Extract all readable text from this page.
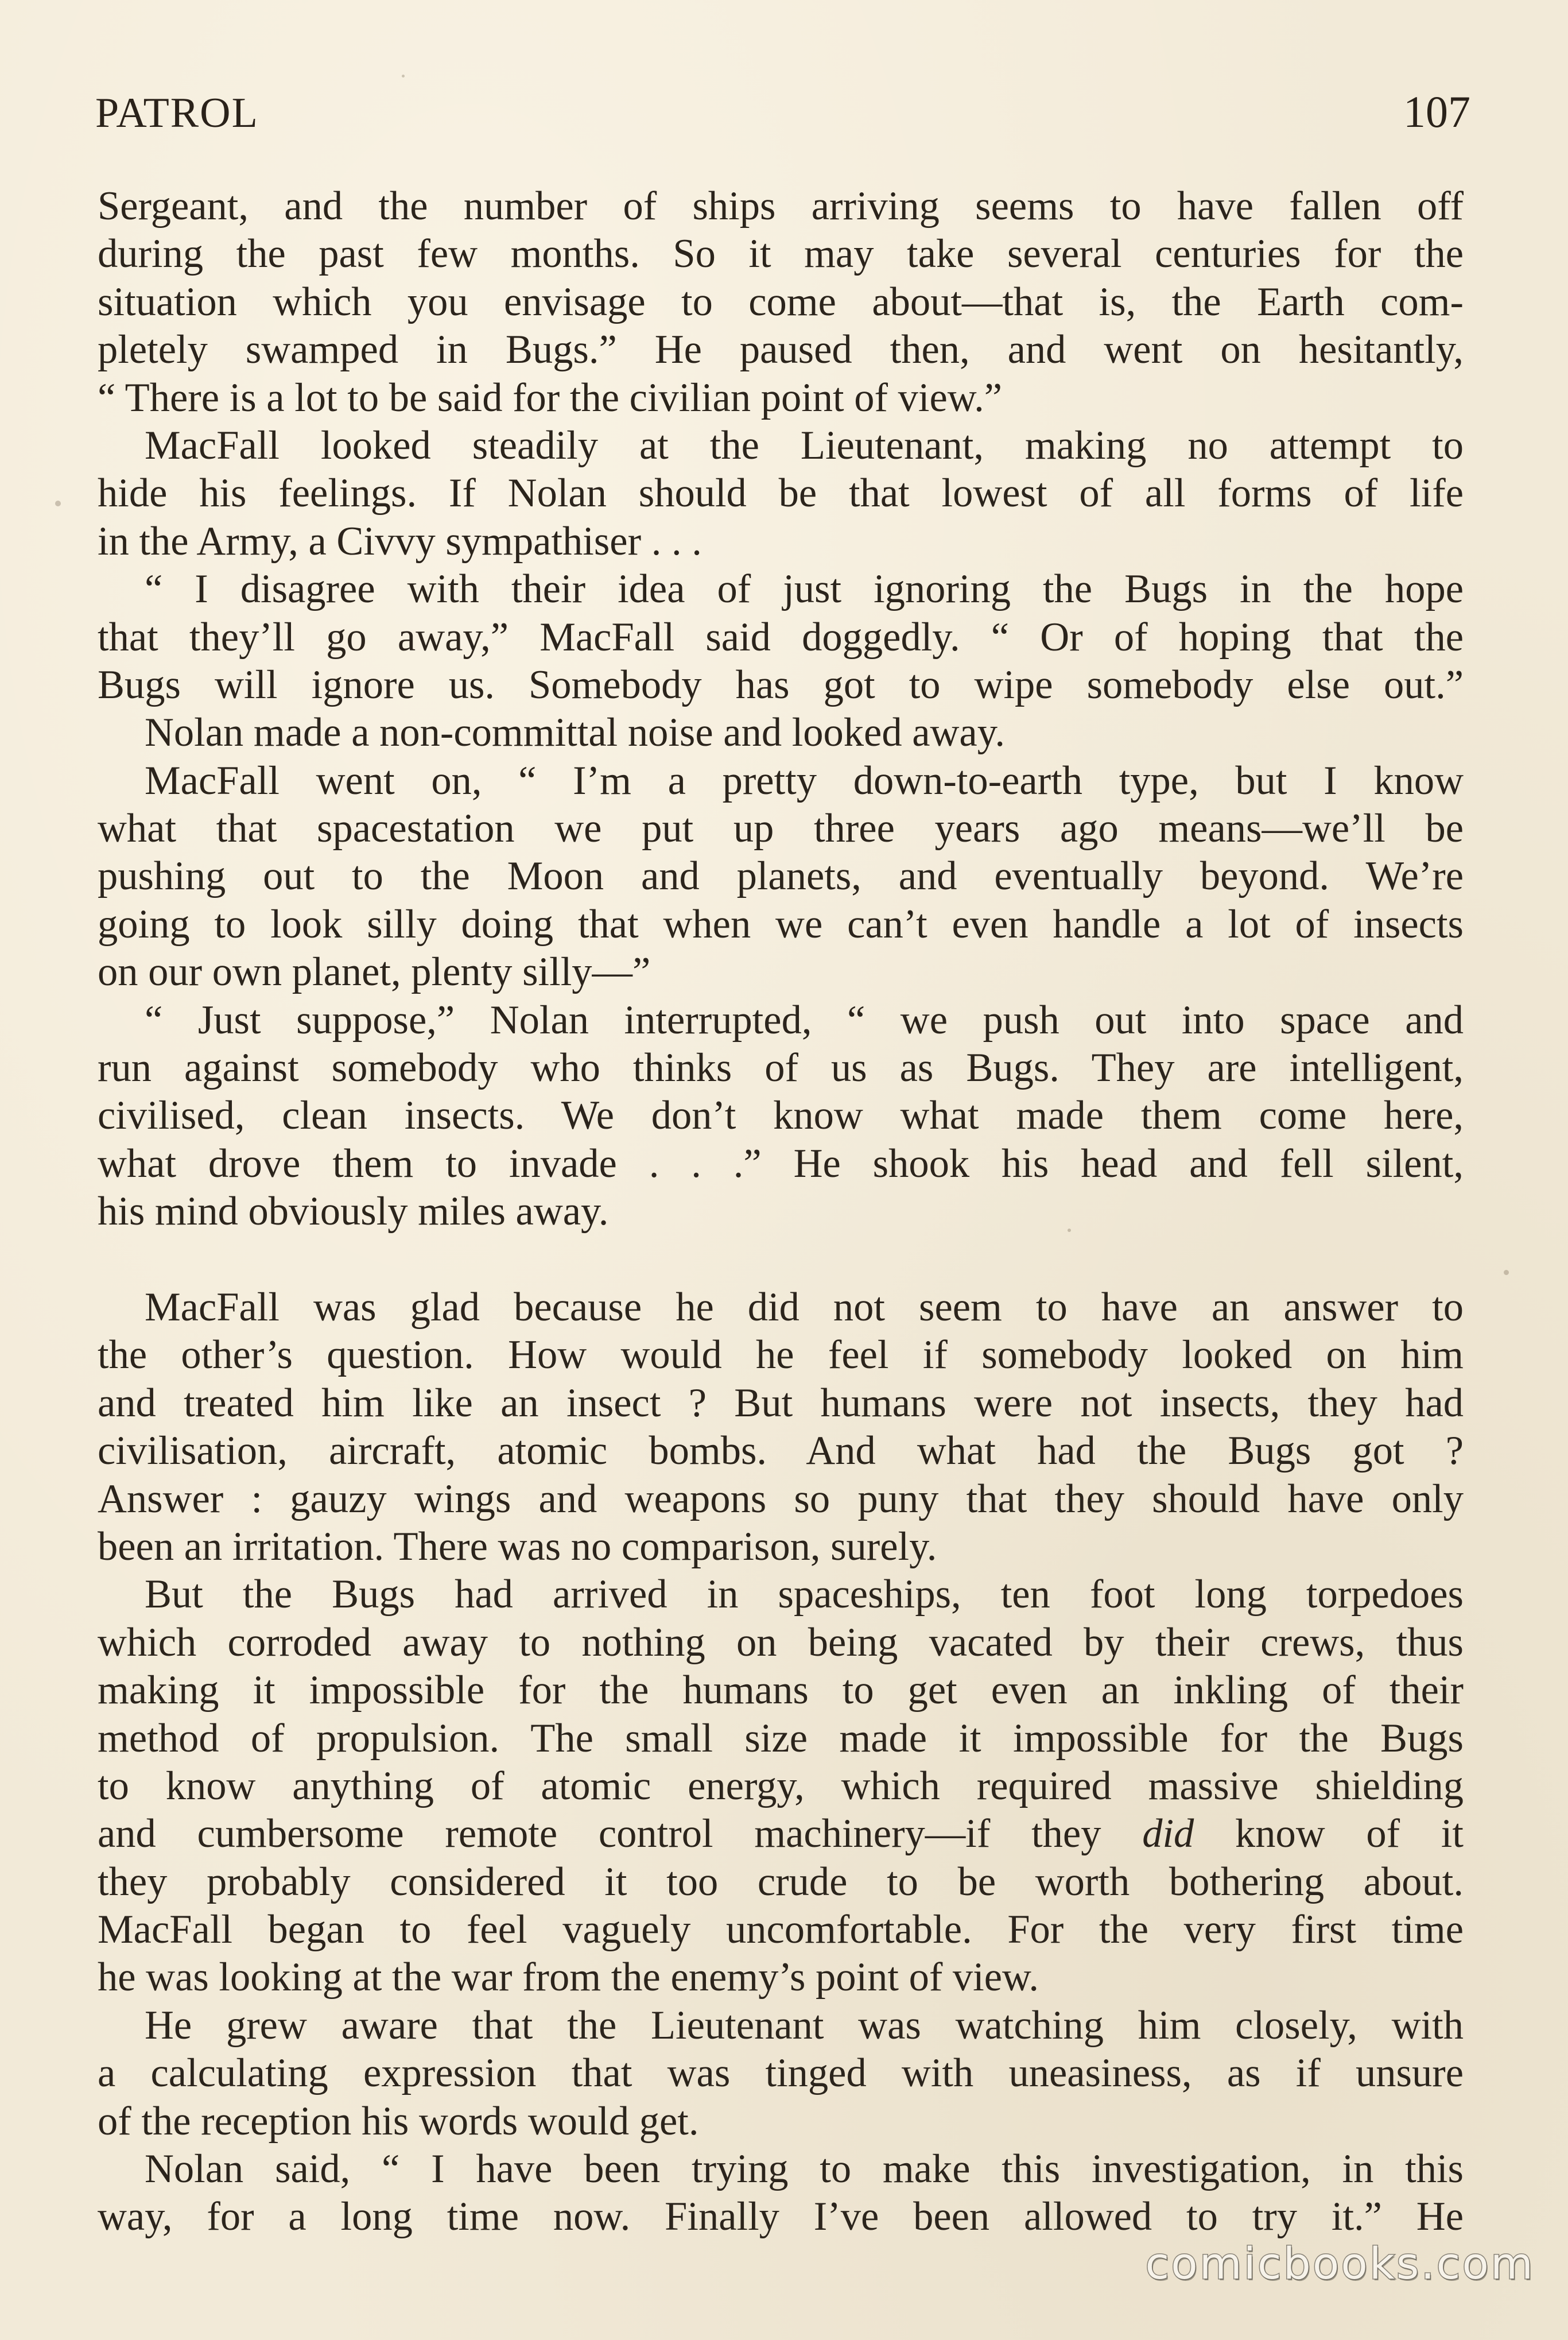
PATROL	107
Sergeant, and the number of ships arriving seems to have fallen off
during the past few months. So it may take several centuries for the
situation which you envisage to come about—that is, the Earth com-
pletely swamped in Bugs.” He paused then, and went on hesitantly,
“ There is a lot to be said for the civilian point of view.”
MacFall looked steadily at the Lieutenant, making no attempt to
hide his feelings. If Nolan should be that lowest of all forms of life
in the Army, a Civvy sympathiser . . .
“ I disagree with their idea of just ignoring the Bugs in the hope
that they’ll go away,” MacFall said doggedly. “ Or of hoping that the
Bugs will ignore us. Somebody has got to wipe somebody else out.”
Nolan made a non-committal noise and looked away.
MacFall went on, “ I’m a pretty down-to-earth type, but I know
what that spacestation we put up three years ago means—we’ll be
pushing out to the Moon and planets, and eventually beyond. We’re
going to look silly doing that when we can’t even handle a lot of insects
on our own planet, plenty silly—”
“ Just suppose,” Nolan interrupted, “ we push out into space and
run against somebody who thinks of us as Bugs. They are intelligent,
civilised, clean insects. We don’t know what made them come here,
what drove them to invade . . .” He shook his head and fell silent,
his mind obviously miles away.
MacFall was glad because he did not seem to have an answer to
the other’s question. How would he feel if somebody looked on him
and treated him like an insect ? But humans were not insects, they had
civilisation, aircraft, atomic bombs. And what had the Bugs got ?
Answer : gauzy wings and weapons so puny that they should have only
been an irritation. There was no comparison, surely.
But the Bugs had arrived in spaceships, ten foot long torpedoes
which corroded away to nothing on being vacated by their crews, thus
making it impossible for the humans to get even an inkling of their
method of propulsion. The small size made it impossible for the Bugs
to know anything of atomic energy, which required massive shielding
and cumbersome remote control machinery—if they did know of it
they probably considered it too crude to be worth bothering about.
MacFall began to feel vaguely uncomfortable. For the very first time
he was looking at the war from the enemy’s point of view.
He grew aware that the Lieutenant was watching him closely, with
a calculating expression that was tinged with uneasiness, as if unsure
of the reception his words would get.
Nolan said, “ I have been trying to make this investigation, in this
way, for a long time now. Finally I’ve been allowed to try it.” He
comicbooks.com
